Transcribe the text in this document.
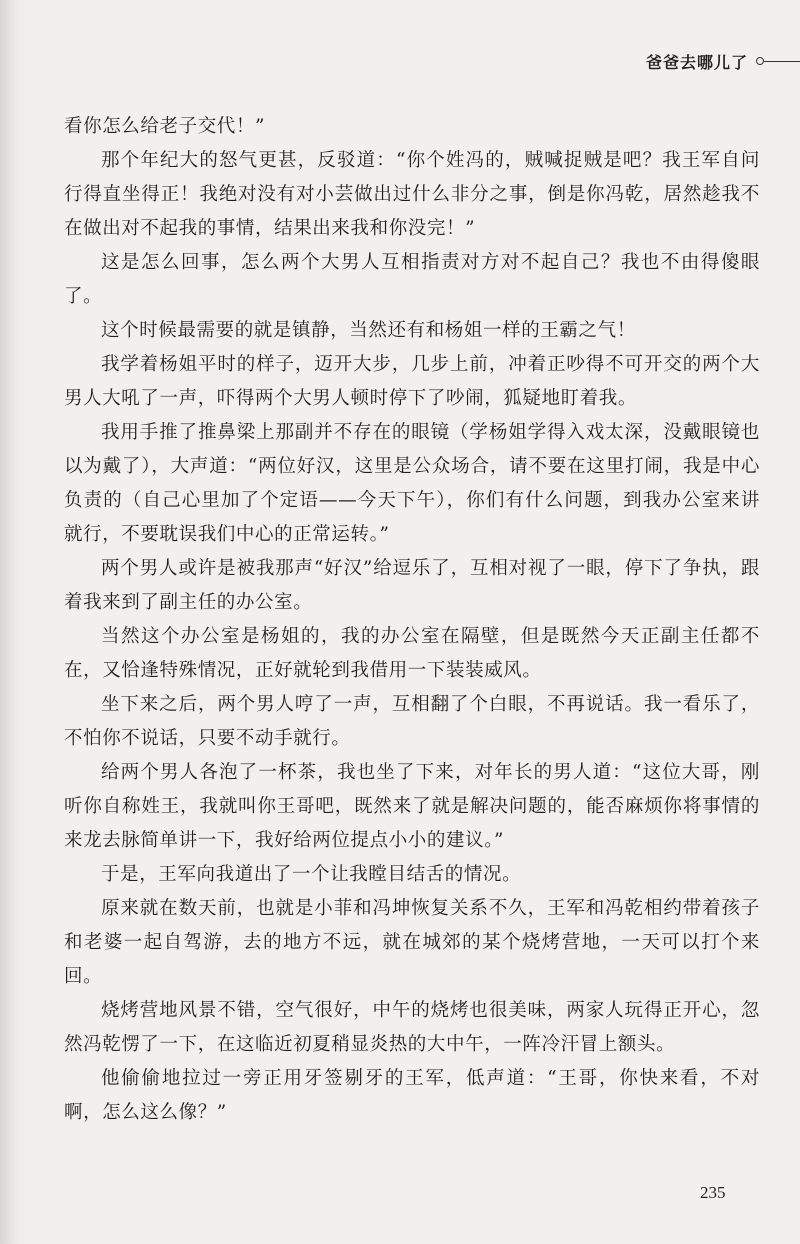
爸爸去哪儿了

看你怎么给老子交代！”

那个年纪大的怒气更甚，反驳道：“你个姓冯的，贼喊捉贼是吧？我王军自问行得直坐得正！我绝对没有对小芸做出过什么非分之事，倒是你冯乾，居然趁我不在做出对不起我的事情，结果出来我和你没完！”

这是怎么回事，怎么两个大男人互相指责对方对不起自己？我也不由得傻眼了。

这个时候最需要的就是镇静，当然还有和杨姐一样的王霸之气！

我学着杨姐平时的样子，迈开大步，几步上前，冲着正吵得不可开交的两个大男人大吼了一声，吓得两个大男人顿时停下了吵闹，狐疑地盯着我。

我用手推了推鼻梁上那副并不存在的眼镜（学杨姐学得入戏太深，没戴眼镜也以为戴了），大声道：“两位好汉，这里是公众场合，请不要在这里打闹，我是中心负责的（自己心里加了个定语——今天下午），你们有什么问题，到我办公室来讲就行，不要耽误我们中心的正常运转。”

两个男人或许是被我那声“好汉”给逗乐了，互相对视了一眼，停下了争执，跟着我来到了副主任的办公室。

当然这个办公室是杨姐的，我的办公室在隔壁，但是既然今天正副主任都不在，又恰逢特殊情况，正好就轮到我借用一下装装威风。

坐下来之后，两个男人哼了一声，互相翻了个白眼，不再说话。我一看乐了，不怕你不说话，只要不动手就行。

给两个男人各泡了一杯茶，我也坐了下来，对年长的男人道：“这位大哥，刚听你自称姓王，我就叫你王哥吧，既然来了就是解决问题的，能否麻烦你将事情的来龙去脉简单讲一下，我好给两位提点小小的建议。”

于是，王军向我道出了一个让我瞠目结舌的情况。

原来就在数天前，也就是小菲和冯坤恢复关系不久，王军和冯乾相约带着孩子和老婆一起自驾游，去的地方不远，就在城郊的某个烧烤营地，一天可以打个来回。

烧烤营地风景不错，空气很好，中午的烧烤也很美味，两家人玩得正开心，忽然冯乾愣了一下，在这临近初夏稍显炎热的大中午，一阵冷汗冒上额头。

他偷偷地拉过一旁正用牙签剔牙的王军，低声道：“王哥，你快来看，不对啊，怎么这么像？”

235
